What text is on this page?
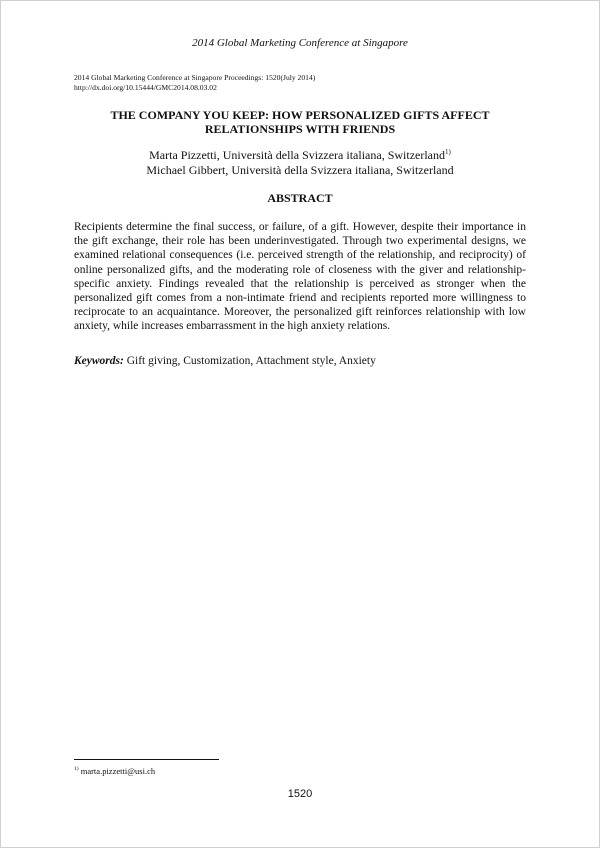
2014 Global Marketing Conference at Singapore
2014 Global Marketing Conference at Singapore Proceedings: 1520(July 2014)
http://dx.doi.org/10.15444/GMC2014.08.03.02
THE COMPANY YOU KEEP: HOW PERSONALIZED GIFTS AFFECT
RELATIONSHIPS WITH FRIENDS
Marta Pizzetti, Università della Svizzera italiana, Switzerland$^{1)}$
Michael Gibbert, Università della Svizzera italiana, Switzerland
ABSTRACT
Recipients determine the final success, or failure, of a gift. However, despite their importance in the gift exchange, their role has been underinvestigated. Through two experimental designs, we examined relational consequences (i.e. perceived strength of the relationship, and reciprocity) of online personalized gifts, and the moderating role of closeness with the giver and relationship-specific anxiety. Findings revealed that the relationship is perceived as stronger when the personalized gift comes from a non-intimate friend and recipients reported more willingness to reciprocate to an acquaintance. Moreover, the personalized gift reinforces relationship with low anxiety, while increases embarrassment in the high anxiety relations.
Keywords: Gift giving, Customization, Attachment style, Anxiety
$^{1)}$ marta.pizzetti@usi.ch
1520
